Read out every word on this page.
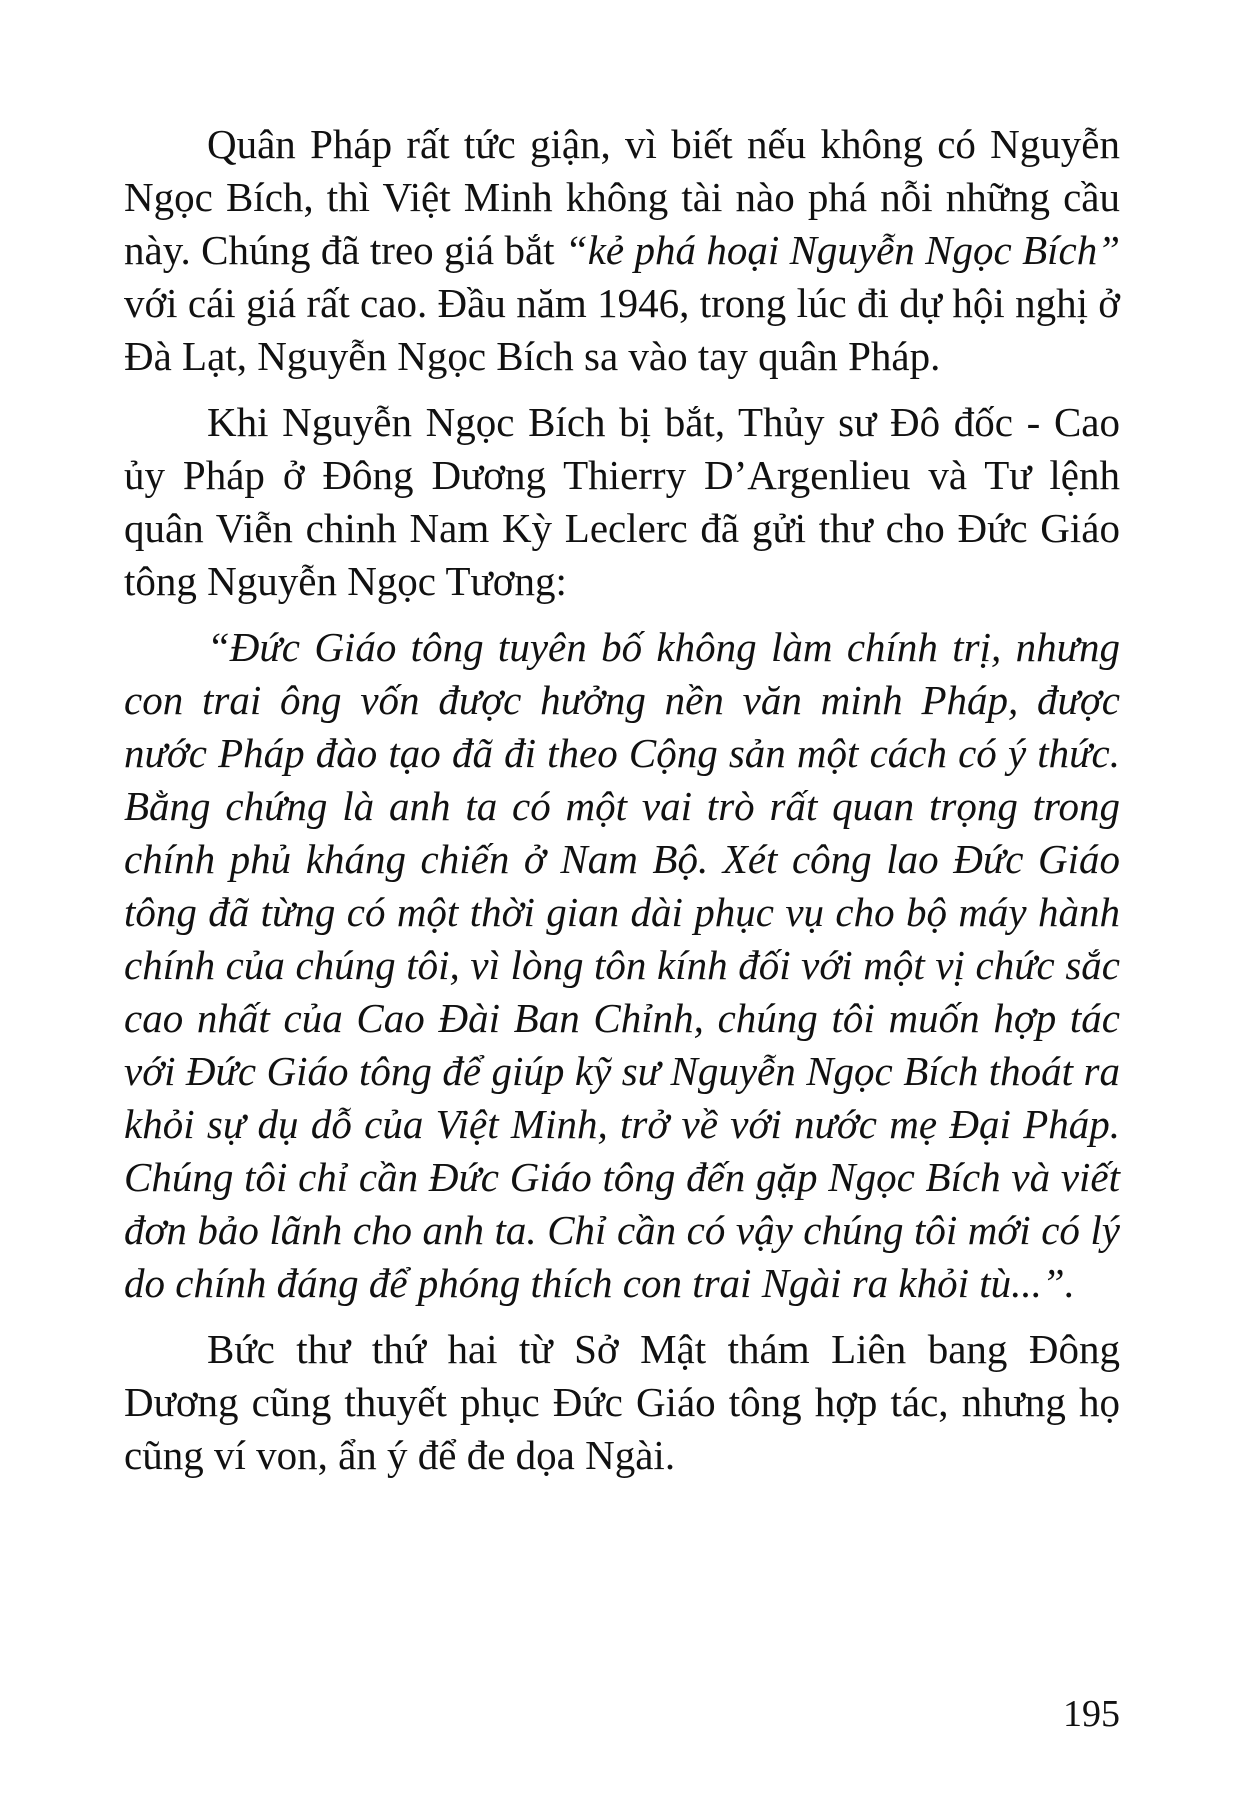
Quân Pháp rất tức giận, vì biết nếu không có Nguyễn Ngọc Bích, thì Việt Minh không tài nào phá nỗi những cầu này. Chúng đã treo giá bắt “kẻ phá hoại Nguyễn Ngọc Bích” với cái giá rất cao. Đầu năm 1946, trong lúc đi dự hội nghị ở Đà Lạt, Nguyễn Ngọc Bích sa vào tay quân Pháp.

Khi Nguyễn Ngọc Bích bị bắt, Thủy sư Đô đốc - Cao ủy Pháp ở Đông Dương Thierry D’Argenlieu và Tư lệnh quân Viễn chinh Nam Kỳ Leclerc đã gửi thư cho Đức Giáo tông Nguyễn Ngọc Tương:

“Đức Giáo tông tuyên bố không làm chính trị, nhưng con trai ông vốn được hưởng nền văn minh Pháp, được nước Pháp đào tạo đã đi theo Cộng sản một cách có ý thức. Bằng chứng là anh ta có một vai trò rất quan trọng trong chính phủ kháng chiến ở Nam Bộ. Xét công lao Đức Giáo tông đã từng có một thời gian dài phục vụ cho bộ máy hành chính của chúng tôi, vì lòng tôn kính đối với một vị chức sắc cao nhất của Cao Đài Ban Chỉnh, chúng tôi muốn hợp tác với Đức Giáo tông để giúp kỹ sư Nguyễn Ngọc Bích thoát ra khỏi sự dụ dỗ của Việt Minh, trở về với nước mẹ Đại Pháp. Chúng tôi chỉ cần Đức Giáo tông đến gặp Ngọc Bích và viết đơn bảo lãnh cho anh ta. Chỉ cần có vậy chúng tôi mới có lý do chính đáng để phóng thích con trai Ngài ra khỏi tù...”.

Bức thư thứ hai từ Sở Mật thám Liên bang Đông Dương cũng thuyết phục Đức Giáo tông hợp tác, nhưng họ cũng ví von, ẩn ý để đe dọa Ngài.

195
